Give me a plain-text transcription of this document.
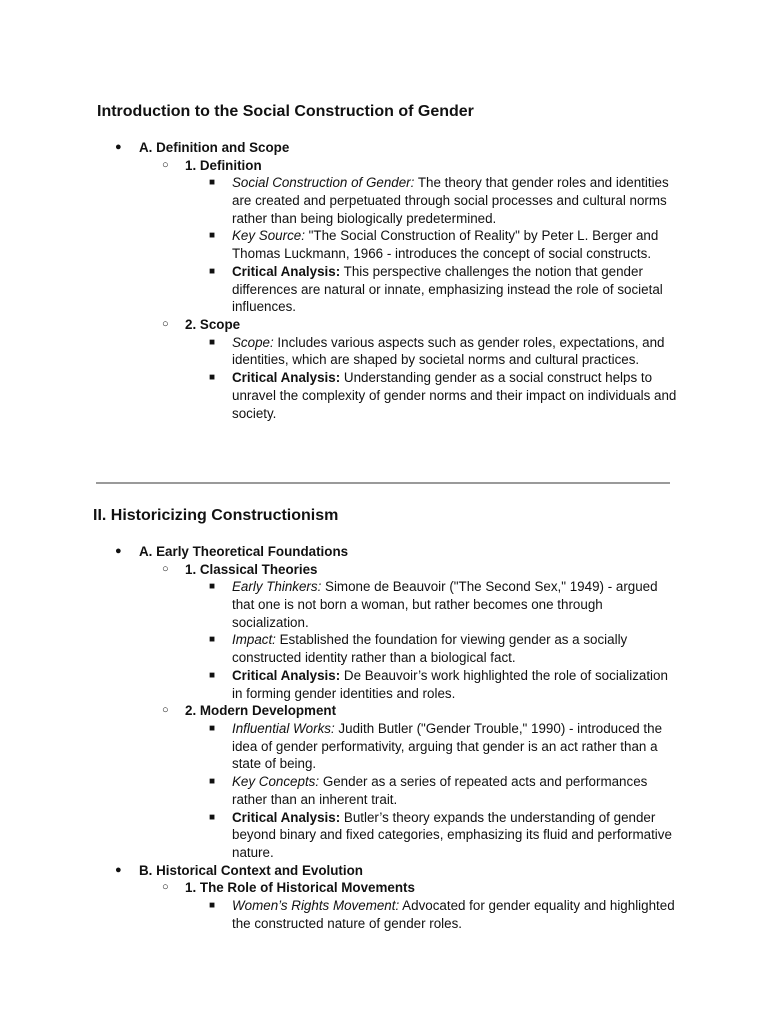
Introduction to the Social Construction of Gender
● A. Definition and Scope
○ 1. Definition
■ Social Construction of Gender: The theory that gender roles and identities are created and perpetuated through social processes and cultural norms rather than being biologically predetermined.
■ Key Source: "The Social Construction of Reality" by Peter L. Berger and Thomas Luckmann, 1966 - introduces the concept of social constructs.
■ Critical Analysis: This perspective challenges the notion that gender differences are natural or innate, emphasizing instead the role of societal influences.
○ 2. Scope
■ Scope: Includes various aspects such as gender roles, expectations, and identities, which are shaped by societal norms and cultural practices.
■ Critical Analysis: Understanding gender as a social construct helps to unravel the complexity of gender norms and their impact on individuals and society.
II. Historicizing Constructionism
● A. Early Theoretical Foundations
○ 1. Classical Theories
■ Early Thinkers: Simone de Beauvoir ("The Second Sex," 1949) - argued that one is not born a woman, but rather becomes one through socialization.
■ Impact: Established the foundation for viewing gender as a socially constructed identity rather than a biological fact.
■ Critical Analysis: De Beauvoir’s work highlighted the role of socialization in forming gender identities and roles.
○ 2. Modern Development
■ Influential Works: Judith Butler ("Gender Trouble," 1990) - introduced the idea of gender performativity, arguing that gender is an act rather than a state of being.
■ Key Concepts: Gender as a series of repeated acts and performances rather than an inherent trait.
■ Critical Analysis: Butler’s theory expands the understanding of gender beyond binary and fixed categories, emphasizing its fluid and performative nature.
● B. Historical Context and Evolution
○ 1. The Role of Historical Movements
■ Women’s Rights Movement: Advocated for gender equality and highlighted the constructed nature of gender roles.
